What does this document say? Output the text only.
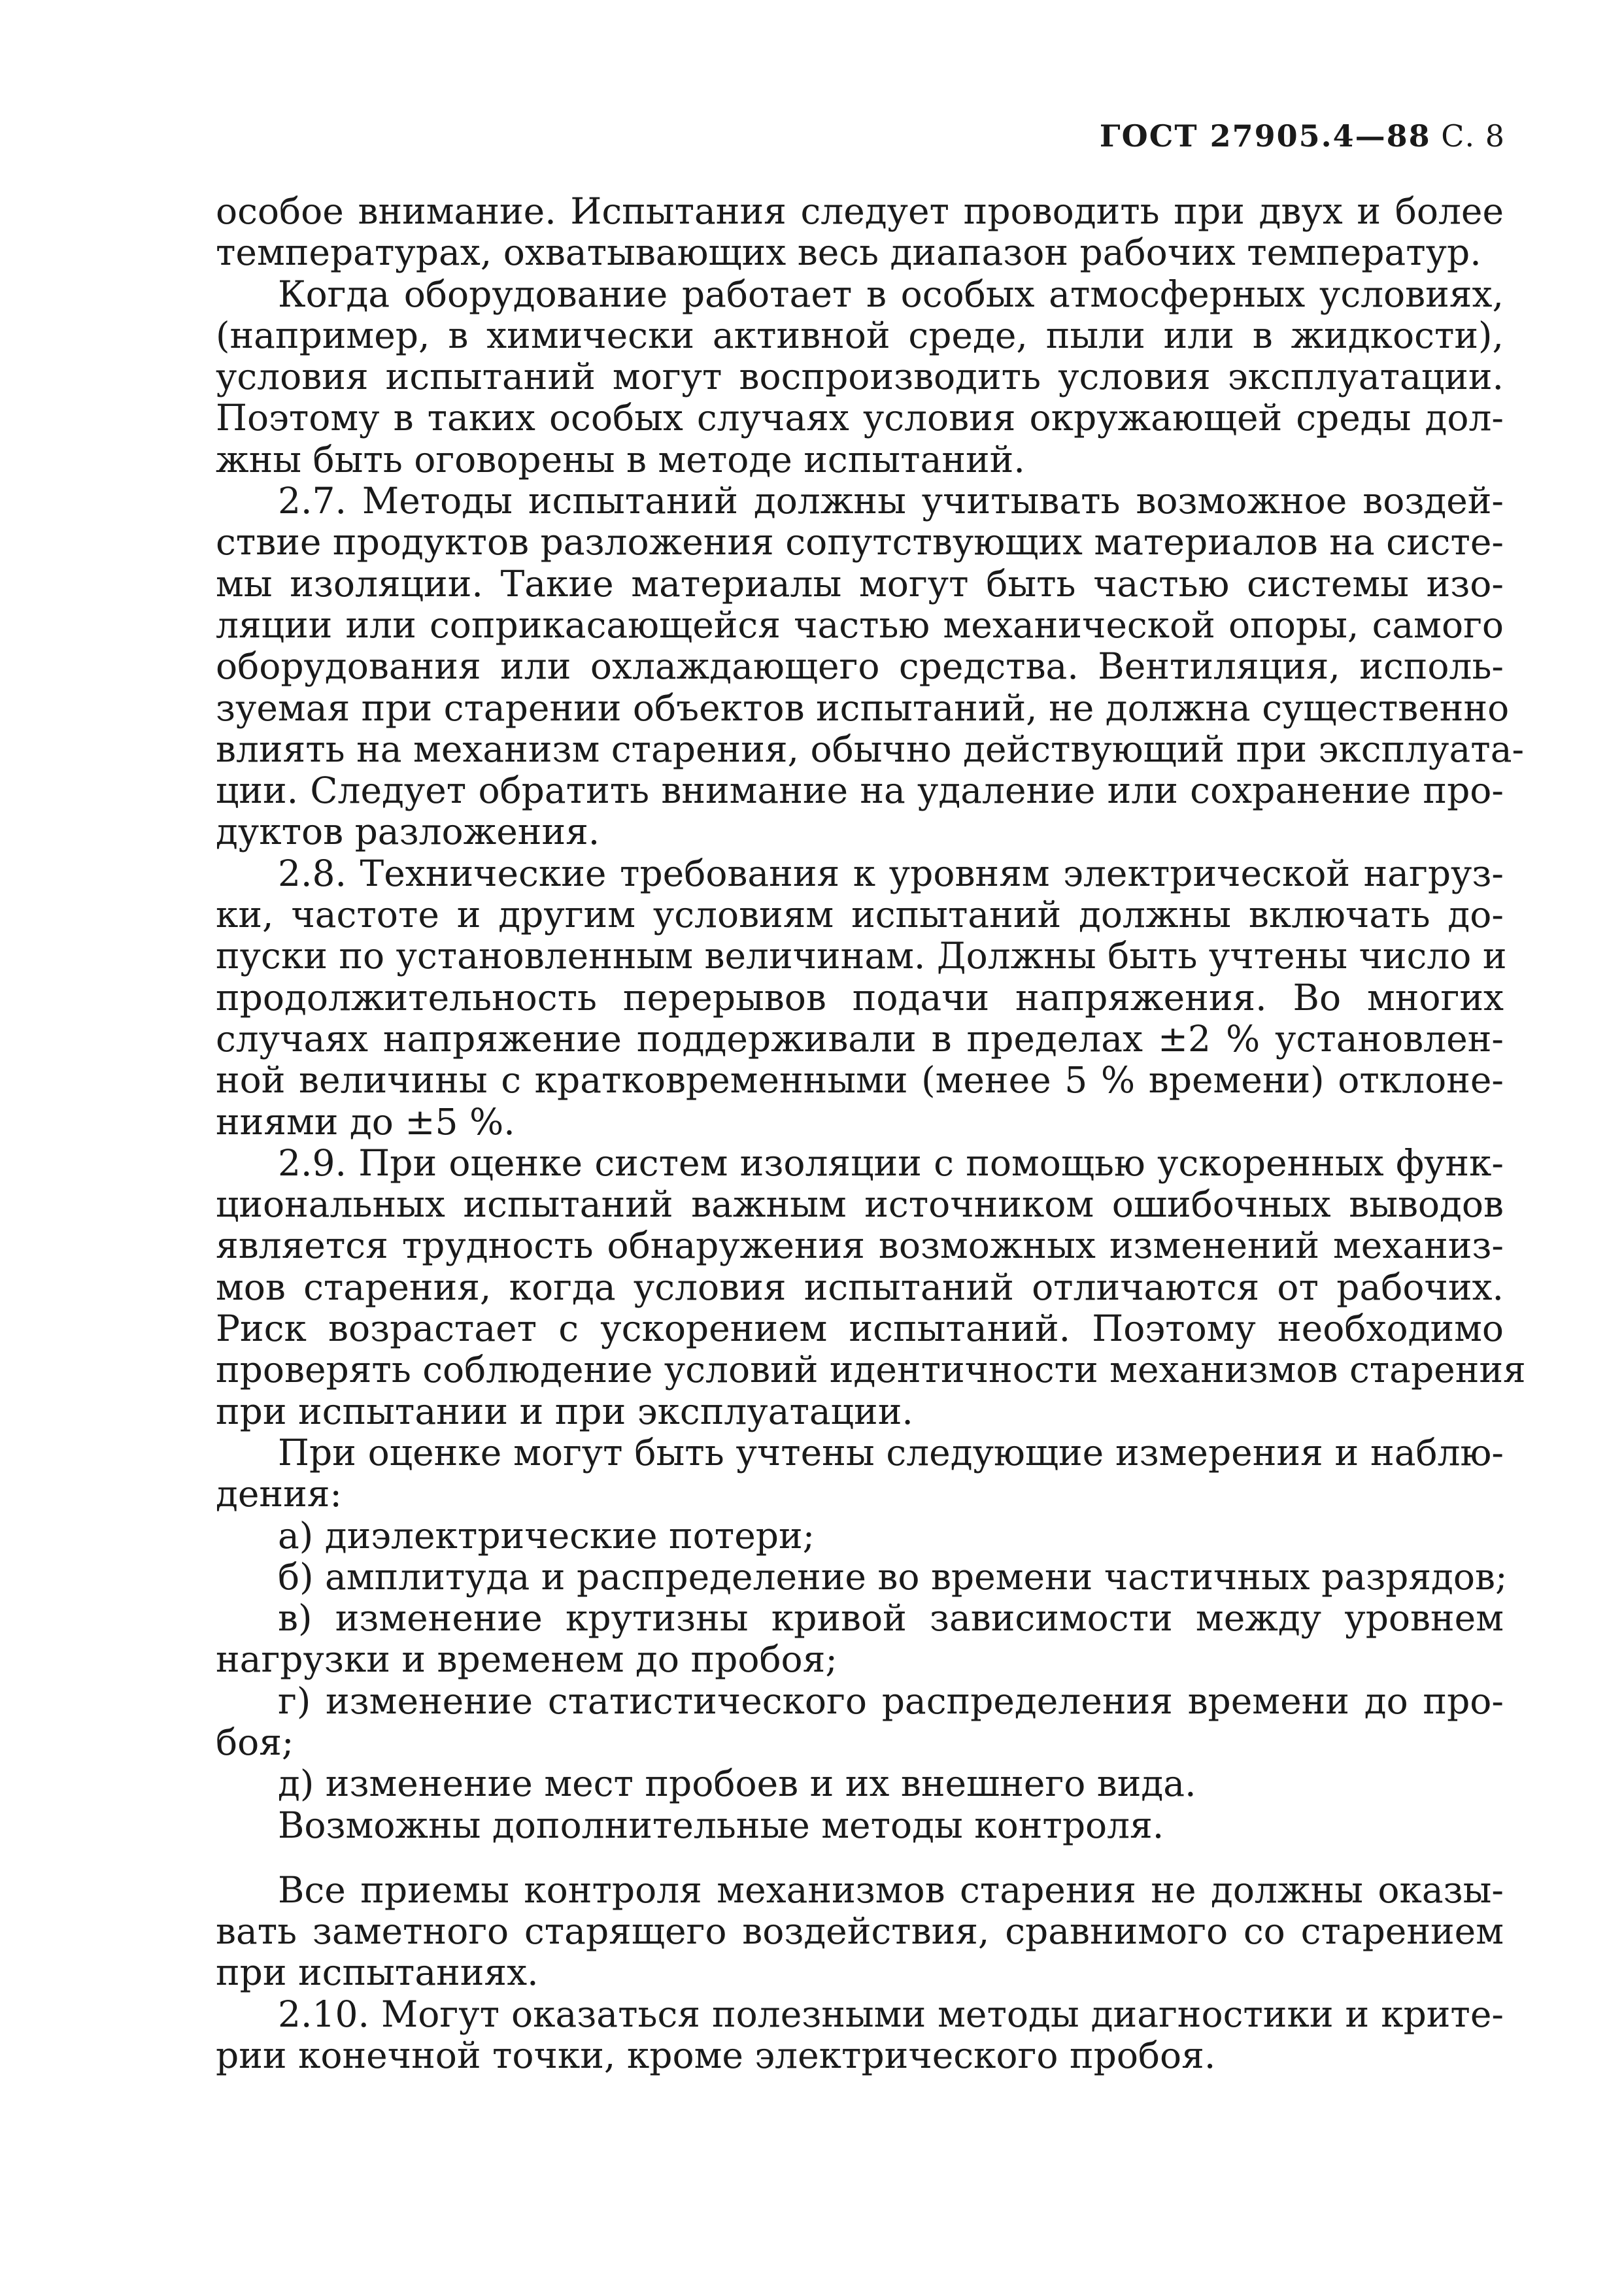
ГОСТ 27905.4—88 С. 8
особое внимание. Испытания следует проводить при двух и более
температурах, охватывающих весь диапазон рабочих температур.
Когда оборудование работает в особых атмосферных условиях,
(например, в химически активной среде, пыли или в жидкости),
условия испытаний могут воспроизводить условия эксплуатации.
Поэтому в таких особых случаях условия окружающей среды дол-
жны быть оговорены в методе испытаний.
2.7. Методы испытаний должны учитывать возможное воздей-
ствие продуктов разложения сопутствующих материалов на систе-
мы изоляции. Такие материалы могут быть частью системы изо-
ляции или соприкасающейся частью механической опоры, самого
оборудования или охлаждающего средства. Вентиляция, исполь-
зуемая при старении объектов испытаний, не должна существенно
влиять на механизм старения, обычно действующий при эксплуата-
ции. Следует обратить внимание на удаление или сохранение про-
дуктов разложения.
2.8. Технические требования к уровням электрической нагруз-
ки, частоте и другим условиям испытаний должны включать до-
пуски по установленным величинам. Должны быть учтены число и
продолжительность перерывов подачи напряжения. Во многих
случаях напряжение поддерживали в пределах ±2 % установлен-
ной величины с кратковременными (менее 5 % времени) отклоне-
ниями до ±5 %.
2.9. При оценке систем изоляции с помощью ускоренных функ-
циональных испытаний важным источником ошибочных выводов
является трудность обнаружения возможных изменений механиз-
мов старения, когда условия испытаний отличаются от рабочих.
Риск возрастает с ускорением испытаний. Поэтому необходимо
проверять соблюдение условий идентичности механизмов старения
при испытании и при эксплуатации.
При оценке могут быть учтены следующие измерения и наблю-
дения:
а) диэлектрические потери;
б) амплитуда и распределение во времени частичных разрядов;
в) изменение крутизны кривой зависимости между уровнем
нагрузки и временем до пробоя;
г) изменение статистического распределения времени до про-
боя;
д) изменение мест пробоев и их внешнего вида.
Возможны дополнительные методы контроля.
Все приемы контроля механизмов старения не должны оказы-
вать заметного старящего воздействия, сравнимого со старением
при испытаниях.
2.10. Могут оказаться полезными методы диагностики и крите-
рии конечной точки, кроме электрического пробоя.
